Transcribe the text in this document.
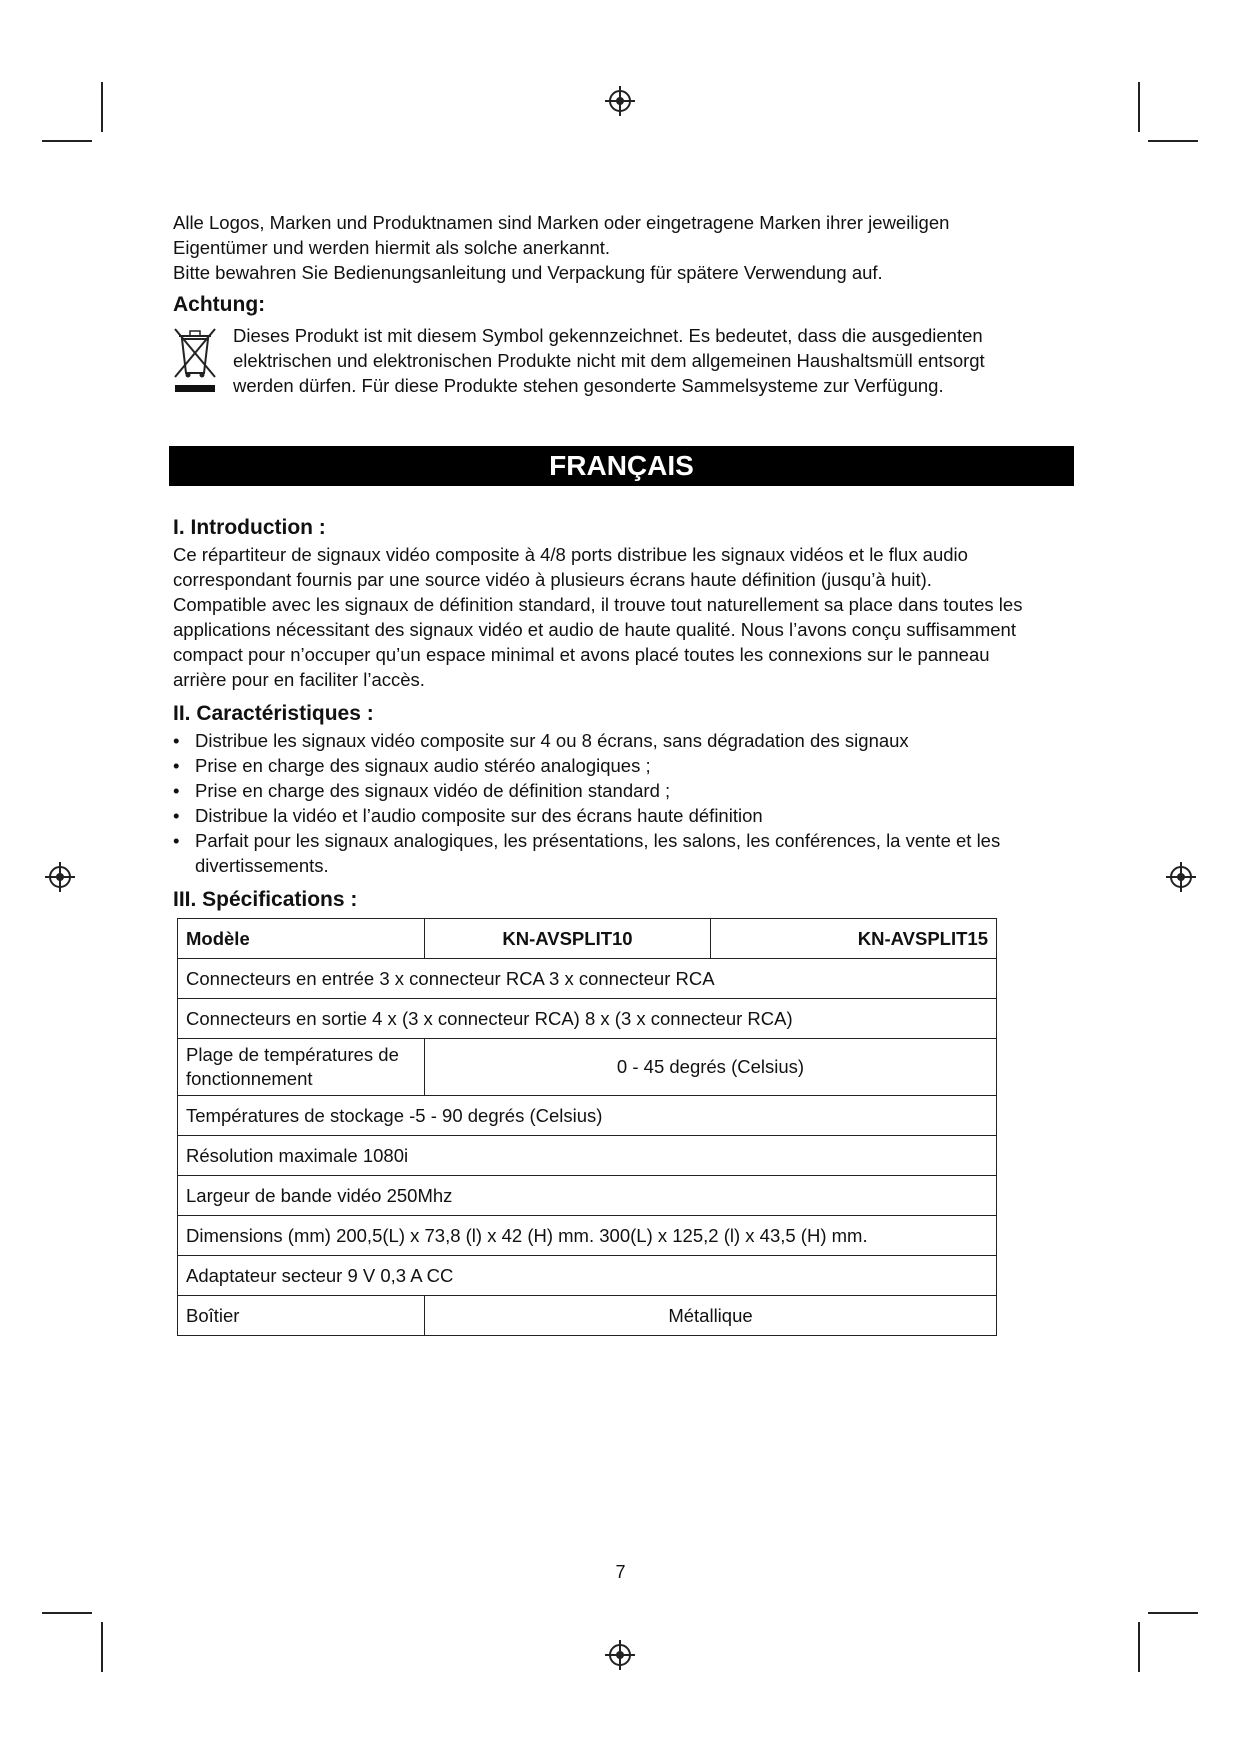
Alle Logos, Marken und Produktnamen sind Marken oder eingetragene Marken ihrer jeweiligen

Eigentümer und werden hiermit als solche anerkannt.

Bitte bewahren Sie Bedienungsanleitung und Verpackung für spätere Verwendung auf.

Achtung:

Dieses Produkt ist mit diesem Symbol gekennzeichnet. Es bedeutet, dass die ausgedienten

elektrischen und elektronischen Produkte nicht mit dem allgemeinen Haushaltsmüll entsorgt

werden dürfen. Für diese Produkte stehen gesonderte Sammelsysteme zur Verfügung.

FRANÇAIS
I. Introduction :

Ce répartiteur de signaux vidéo composite à 4/8 ports distribue les signaux vidéos et le flux audio

correspondant fournis par une source vidéo à plusieurs écrans haute définition (jusqu’à huit).

Compatible avec les signaux de définition standard, il trouve tout naturellement sa place dans toutes les

applications nécessitant des signaux vidéo et audio de haute qualité. Nous l’avons conçu suffisamment

compact pour n’occuper qu’un espace minimal et avons placé toutes les connexions sur le panneau

arrière pour en faciliter l’accès.

II. Caractéristiques :
• Distribue les signaux vidéo composite sur 4 ou 8 écrans, sans dégradation des signaux
• Prise en charge des signaux audio stéréo analogiques ;
• Prise en charge des signaux vidéo de définition standard ;
• Distribue la vidéo et l’audio composite sur des écrans haute définition
• Parfait pour les signaux analogiques, les présentations, les salons, les conférences, la vente et les
divertissements.
III. Spécifications :
Modèle	KN-AVSPLIT10	KN-AVSPLIT15
Connecteurs en entrée 3 x connecteur RCA 3 x connecteur RCA		
Connecteurs en sortie 4 x (3 x connecteur RCA) 8 x (3 x connecteur RCA)		
Plage de températures de
fonctionnement	0 - 45 degrés (Celsius)	
Températures de stockage -5 - 90 degrés (Celsius)		
Résolution maximale 1080i		
Largeur de bande vidéo 250Mhz		
Dimensions (mm) 200,5(L) x 73,8 (l) x 42 (H) mm. 300(L) x 125,2 (l) x 43,5 (H) mm.		
Adaptateur secteur 9 V 0,3 A CC		
Boîtier	Métallique	
7
